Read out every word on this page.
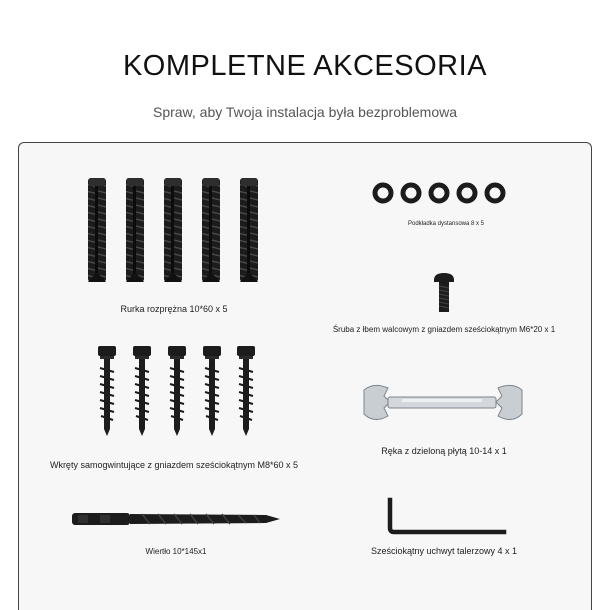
KOMPLETNE AKCESORIA
Spraw, aby Twoja instalacja była bezproblemowa
Rurka rozprężna 10*60 x 5
Podkładka dystansowa 8 x 5
Śruba z łbem walcowym z gniazdem sześciokątnym M6*20 x 1
Wkręty samogwintujące z gniazdem sześciokątnym M8*60 x 5
Ręka z dzieloną płytą 10-14 x 1
Wiertło 10*145x1	Sześciokątny uchwyt talerzowy 4 x 1
